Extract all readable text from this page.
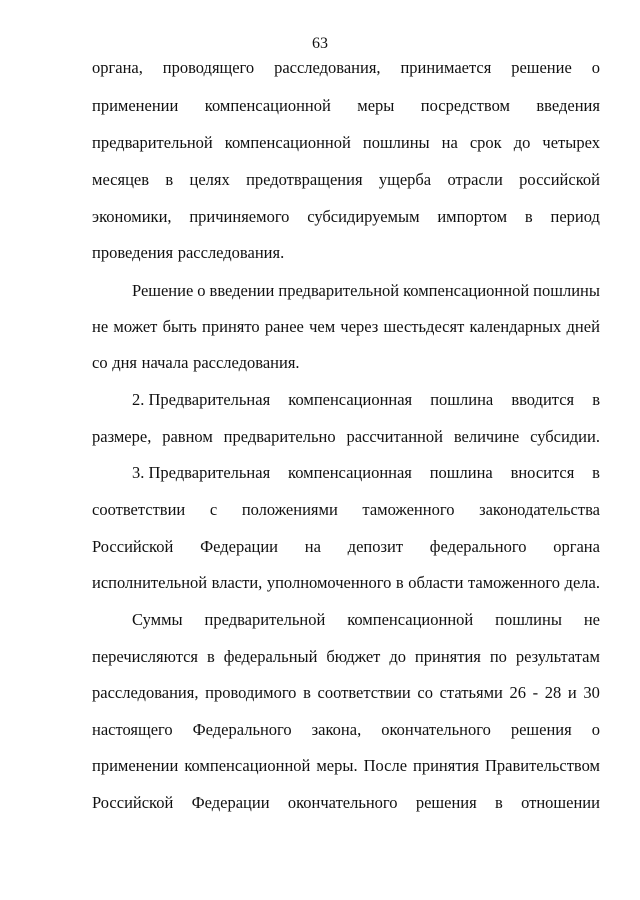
63
органа, проводящего расследования, принимается решение о
применении компенсационной меры посредством введения
предварительной компенсационной пошлины на срок до четырех
месяцев в целях предотвращения ущерба отрасли российской
экономики, причиняемого субсидируемым импортом в период
проведения расследования.
Решение о введении предварительной компенсационной пошлины
не может быть принято ранее чем через шестьдесят календарных дней
со дня начала расследования.
2. Предварительная компенсационная пошлина вводится в
размере, равном предварительно рассчитанной величине субсидии.
3. Предварительная компенсационная пошлина вносится в
соответствии с положениями таможенного законодательства
Российской Федерации на депозит федерального органа
исполнительной власти, уполномоченного в области таможенного дела.
Суммы предварительной компенсационной пошлины не
перечисляются в федеральный бюджет до принятия по результатам
расследования, проводимого в соответствии со статьями 26 - 28 и 30
настоящего Федерального закона, окончательного решения о
применении компенсационной меры. После принятия Правительством
Российской Федерации окончательного решения в отношении
